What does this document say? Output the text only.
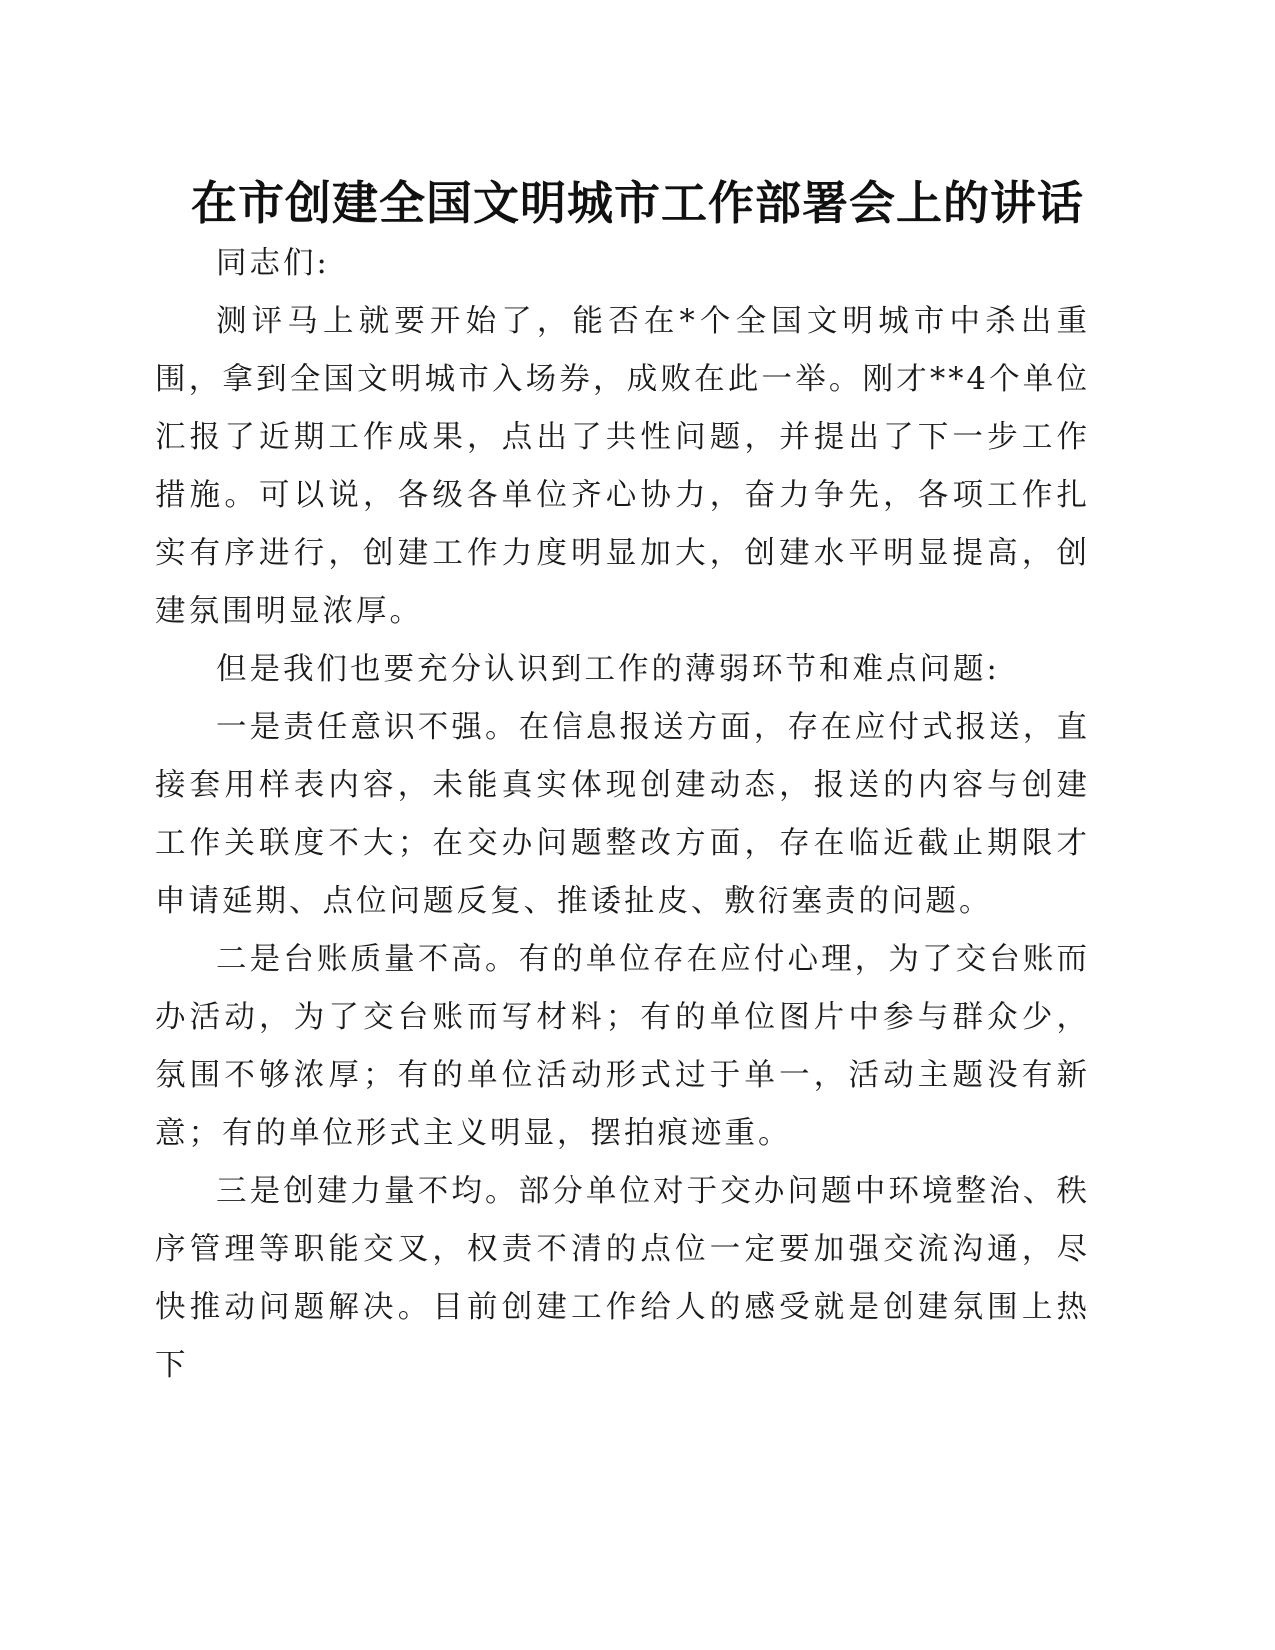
在市创建全国文明城市工作部署会上的讲话

同志们:

测评马上就要开始了，能否在*个全国文明城市中杀出重围，拿到全国文明城市入场券，成败在此一举。刚才**4个单位汇报了近期工作成果，点出了共性问题，并提出了下一步工作措施。可以说，各级各单位齐心协力，奋力争先，各项工作扎实有序进行，创建工作力度明显加大，创建水平明显提高，创建氛围明显浓厚。

但是我们也要充分认识到工作的薄弱环节和难点问题:

一是责任意识不强。在信息报送方面，存在应付式报送，直接套用样表内容，未能真实体现创建动态，报送的内容与创建工作关联度不大；在交办问题整改方面，存在临近截止期限才申请延期、点位问题反复、推诿扯皮、敷衍塞责的问题。

二是台账质量不高。有的单位存在应付心理，为了交台账而办活动，为了交台账而写材料；有的单位图片中参与群众少，氛围不够浓厚；有的单位活动形式过于单一，活动主题没有新意；有的单位形式主义明显，摆拍痕迹重。

三是创建力量不均。部分单位对于交办问题中环境整治、秩序管理等职能交叉，权责不清的点位一定要加强交流沟通，尽快推动问题解决。目前创建工作给人的感受就是创建氛围上热下
